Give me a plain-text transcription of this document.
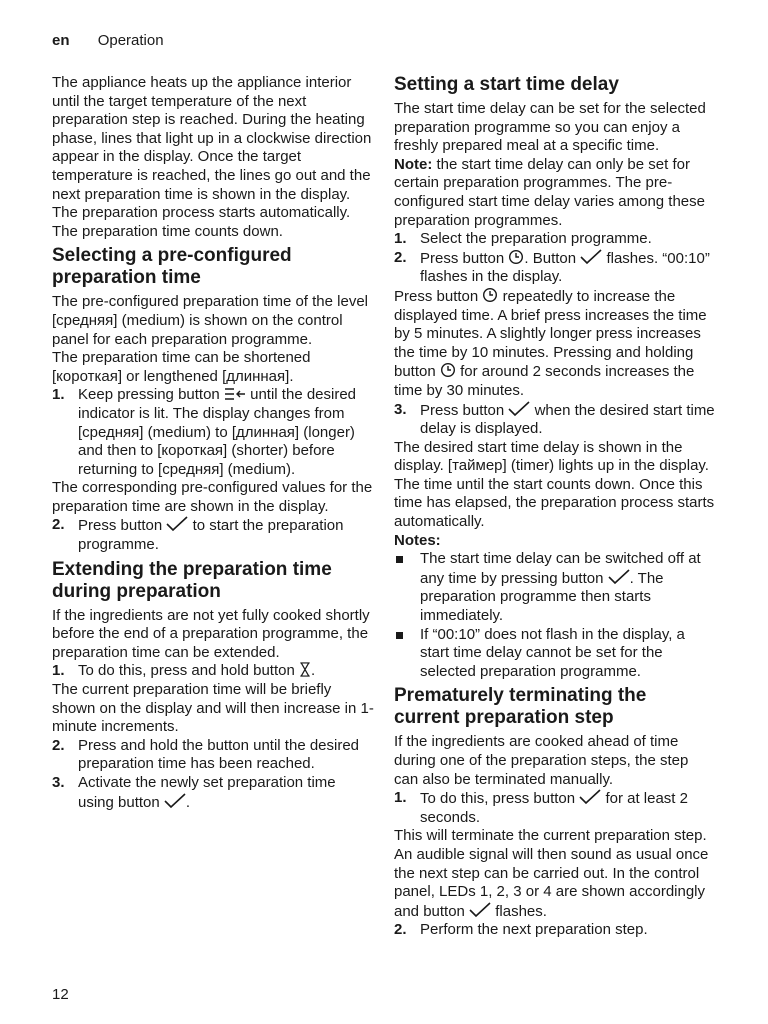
en Operation

The appliance heats up the appliance interior until the target temperature of the next preparation step is reached. During the heating phase, lines that light up in a clockwise direction appear in the display. Once the target temperature is reached, the lines go out and the next preparation time is shown in the display. The preparation process starts automatically. The preparation time counts down.

Selecting a pre-configured preparation time

The pre-configured preparation time of the level [средняя] (medium) is shown on the control panel for each preparation programme.

The preparation time can be shortened [короткая] or lengthened [длинная].

1. Keep pressing button until the desired indicator is lit. The display changes from [средняя] (medium) to [длинная] (longer) and then to [короткая] (shorter) before returning to [средняя] (medium).

The corresponding pre-configured values for the preparation time are shown in the display.

2. Press button to start the preparation programme.
Extending the preparation time during preparation

If the ingredients are not yet fully cooked shortly before the end of a preparation programme, the preparation time can be extended.

1. To do this, press and hold button .

The current preparation time will be briefly shown on the display and will then increase in 1-minute increments.

2. Press and hold the button until the desired preparation time has been reached.
3. Activate the newly set preparation time using button .
Setting a start time delay

The start time delay can be set for the selected preparation programme so you can enjoy a freshly prepared meal at a specific time.

Note: the start time delay can only be set for certain preparation programmes. The pre-configured start time delay varies among these preparation programmes.

1. Select the preparation programme.
2. Press button . Button flashes. “00:10” flashes in the display.

Press button repeatedly to increase the displayed time. A brief press increases the time by 5 minutes. A slightly longer press increases the time by 10 minutes. Pressing and holding button for around 2 seconds increases the time by 30 minutes.

3. Press button when the desired start time delay is displayed.

The desired start time delay is shown in the display. [таймер] (timer) lights up in the display. The time until the start counts down. Once this time has elapsed, the preparation process starts automatically.

Notes:

The start time delay can be switched off at any time by pressing button . The preparation programme then starts immediately.
If “00:10” does not flash in the display, a start time delay cannot be set for the selected preparation programme.
Prematurely terminating the current preparation step

If the ingredients are cooked ahead of time during one of the preparation steps, the step can also be terminated manually.

1. To do this, press button for at least 2 seconds.

This will terminate the current preparation step. An audible signal will then sound as usual once the next step can be carried out. In the control panel, LEDs 1, 2, 3 or 4 are shown accordingly and button flashes.

2. Perform the next preparation step.
12
